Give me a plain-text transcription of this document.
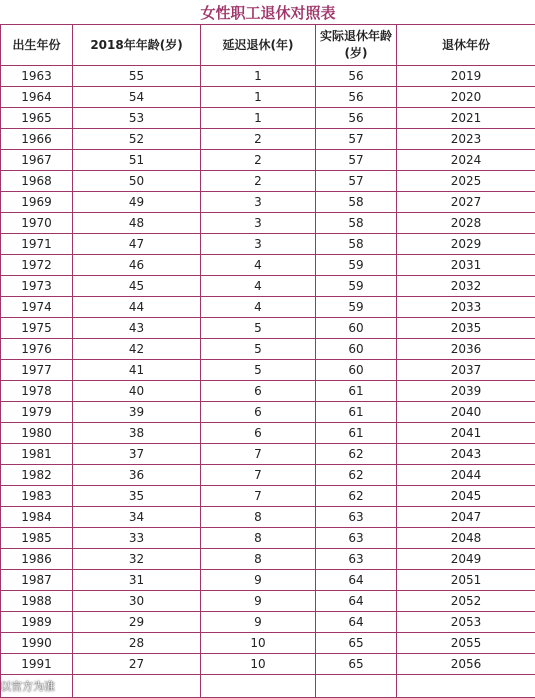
女性职工退休对照表				
出生年份	2018年年龄(岁)	延迟退休(年)	实际退休年龄(岁)	退休年份
1963	55	1	56	2019
1964	54	1	56	2020
1965	53	1	56	2021
1966	52	2	57	2023
1967	51	2	57	2024
1968	50	2	57	2025
1969	49	3	58	2027
1970	48	3	58	2028
1971	47	3	58	2029
1972	46	4	59	2031
1973	45	4	59	2032
1974	44	4	59	2033
1975	43	5	60	2035
1976	42	5	60	2036
1977	41	5	60	2037
1978	40	6	61	2039
1979	39	6	61	2040
1980	38	6	61	2041
1981	37	7	62	2043
1982	36	7	62	2044
1983	35	7	62	2045
1984	34	8	63	2047
1985	33	8	63	2048
1986	32	8	63	2049
1987	31	9	64	2051
1988	30	9	64	2052
1989	29	9	64	2053
1990	28	10	65	2055
1991	27	10	65	2056

以官方为准
